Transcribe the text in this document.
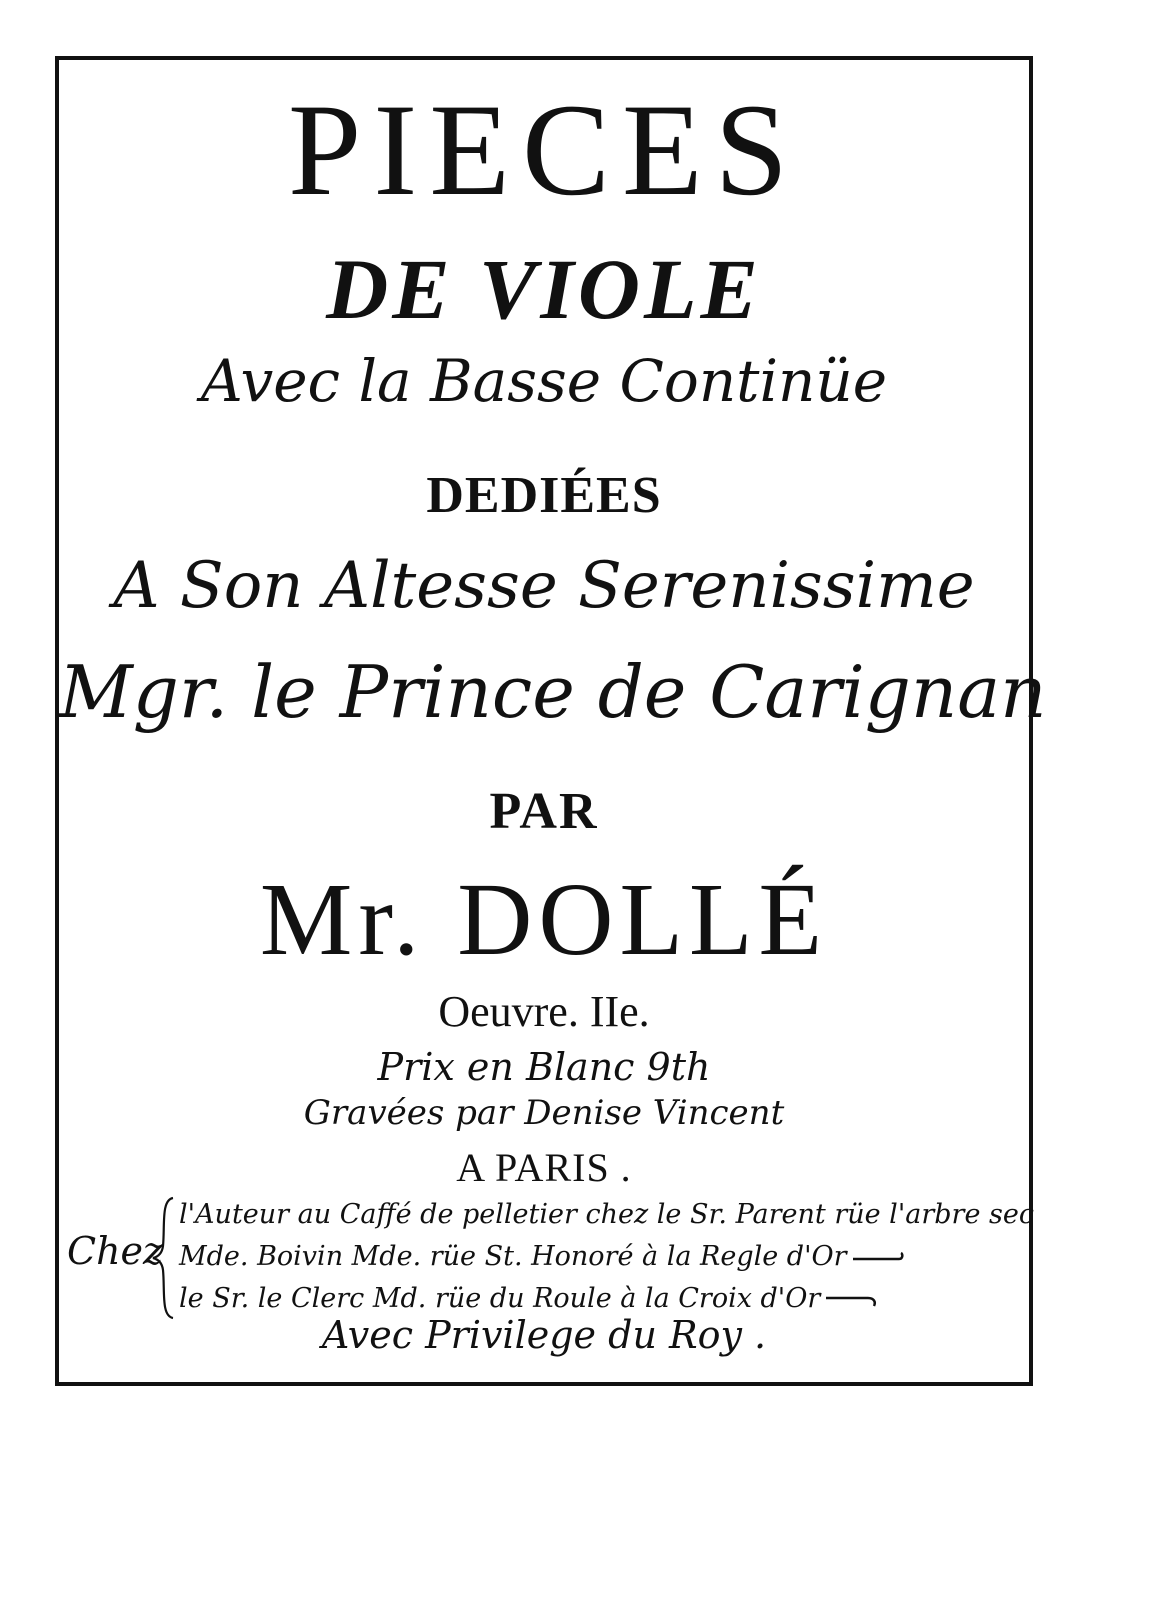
PIECES
DE VIOLE
Avec la Basse Continüe
DEDIÉES
A Son Altesse Serenissime
Mgr. le Prince de Carignan
PAR
Mr. DOLLÉ
Oeuvre. IIe.
Prix en Blanc 9th
Gravées par Denise Vincent
A PARIS .
Chez
l'Auteur au Caffé de pelletier chez le Sr. Parent rüe l'arbre sec
Mde. Boivin Mde. rüe St. Honoré à la Regle d'Or
le Sr. le Clerc Md. rüe du Roule à la Croix d'Or
Avec Privilege du Roy .
